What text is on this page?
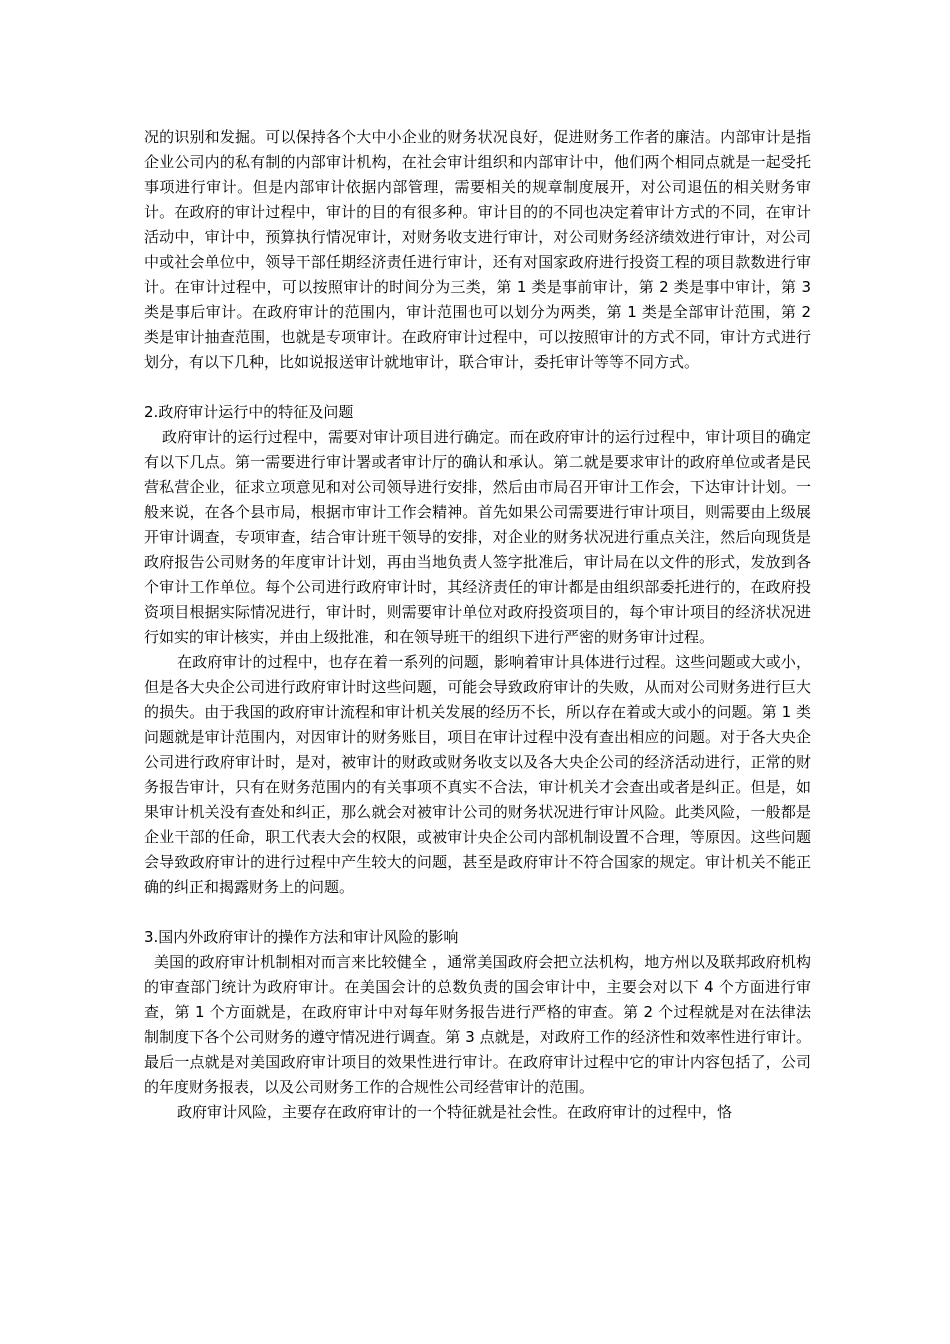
况的识别和发掘。可以保持各个大中小企业的财务状况良好，促进财务工作者的廉洁。内部审计是指企业公司内的私有制的内部审计机构，在社会审计组织和内部审计中，他们两个相同点就是一起受托事项进行审计。但是内部审计依据内部管理，需要相关的规章制度展开，对公司退伍的相关财务审计。在政府的审计过程中，审计的目的有很多种。审计目的的不同也决定着审计方式的不同，在审计活动中，审计中，预算执行情况审计，对财务收支进行审计，对公司财务经济绩效进行审计，对公司中或社会单位中，领导干部任期经济责任进行审计，还有对国家政府进行投资工程的项目款数进行审计。在审计过程中，可以按照审计的时间分为三类，第 1 类是事前审计，第 2 类是事中审计，第 3 类是事后审计。在政府审计的范围内，审计范围也可以划分为两类，第 1 类是全部审计范围，第 2 类是审计抽查范围，也就是专项审计。在政府审计过程中，可以按照审计的方式不同，审计方式进行划分，有以下几种，比如说报送审计就地审计，联合审计，委托审计等等不同方式。

2.政府审计运行中的特征及问题

政府审计的运行过程中，需要对审计项目进行确定。而在政府审计的运行过程中，审计项目的确定有以下几点。第一需要进行审计署或者审计厅的确认和承认。第二就是要求审计的政府单位或者是民营私营企业，征求立项意见和对公司领导进行安排，然后由市局召开审计工作会，下达审计计划。一般来说，在各个县市局，根据市审计工作会精神。首先如果公司需要进行审计项目，则需要由上级展开审计调查，专项审查，结合审计班干领导的安排，对企业的财务状况进行重点关注，然后向现货是政府报告公司财务的年度审计计划，再由当地负责人签字批准后，审计局在以文件的形式，发放到各个审计工作单位。每个公司进行政府审计时，其经济责任的审计都是由组织部委托进行的，在政府投资项目根据实际情况进行，审计时，则需要审计单位对政府投资项目的，每个审计项目的经济状况进行如实的审计核实，并由上级批准，和在领导班干的组织下进行严密的财务审计过程。

在政府审计的过程中，也存在着一系列的问题，影响着审计具体进行过程。这些问题或大或小，但是各大央企公司进行政府审计时这些问题，可能会导致政府审计的失败，从而对公司财务进行巨大的损失。由于我国的政府审计流程和审计机关发展的经历不长，所以存在着或大或小的问题。第 1 类问题就是审计范围内，对因审计的财务账目，项目在审计过程中没有查出相应的问题。对于各大央企公司进行政府审计时，是对，被审计的财政或财务收支以及各大央企公司的经济活动进行，正常的财务报告审计，只有在财务范围内的有关事项不真实不合法，审计机关才会查出或者是纠正。但是，如果审计机关没有查处和纠正，那么就会对被审计公司的财务状况进行审计风险。此类风险，一般都是企业干部的任命，职工代表大会的权限，或被审计央企公司内部机制设置不合理，等原因。这些问题会导致政府审计的进行过程中产生较大的问题，甚至是政府审计不符合国家的规定。审计机关不能正确的纠正和揭露财务上的问题。

3.国内外政府审计的操作方法和审计风险的影响

美国的政府审计机制相对而言来比较健全 ，通常美国政府会把立法机构，地方州以及联邦政府机构的审查部门统计为政府审计。在美国会计的总数负责的国会审计中，主要会对以下 4 个方面进行审查，第 1 个方面就是，在政府审计中对每年财务报告进行严格的审查。第 2 个过程就是对在法律法制制度下各个公司财务的遵守情况进行调查。第 3 点就是，对政府工作的经济性和效率性进行审计。最后一点就是对美国政府审计项目的效果性进行审计。在政府审计过程中它的审计内容包括了，公司的年度财务报表，以及公司财务工作的合规性公司经营审计的范围。

政府审计风险，主要存在政府审计的一个特征就是社会性。在政府审计的过程中，恪
